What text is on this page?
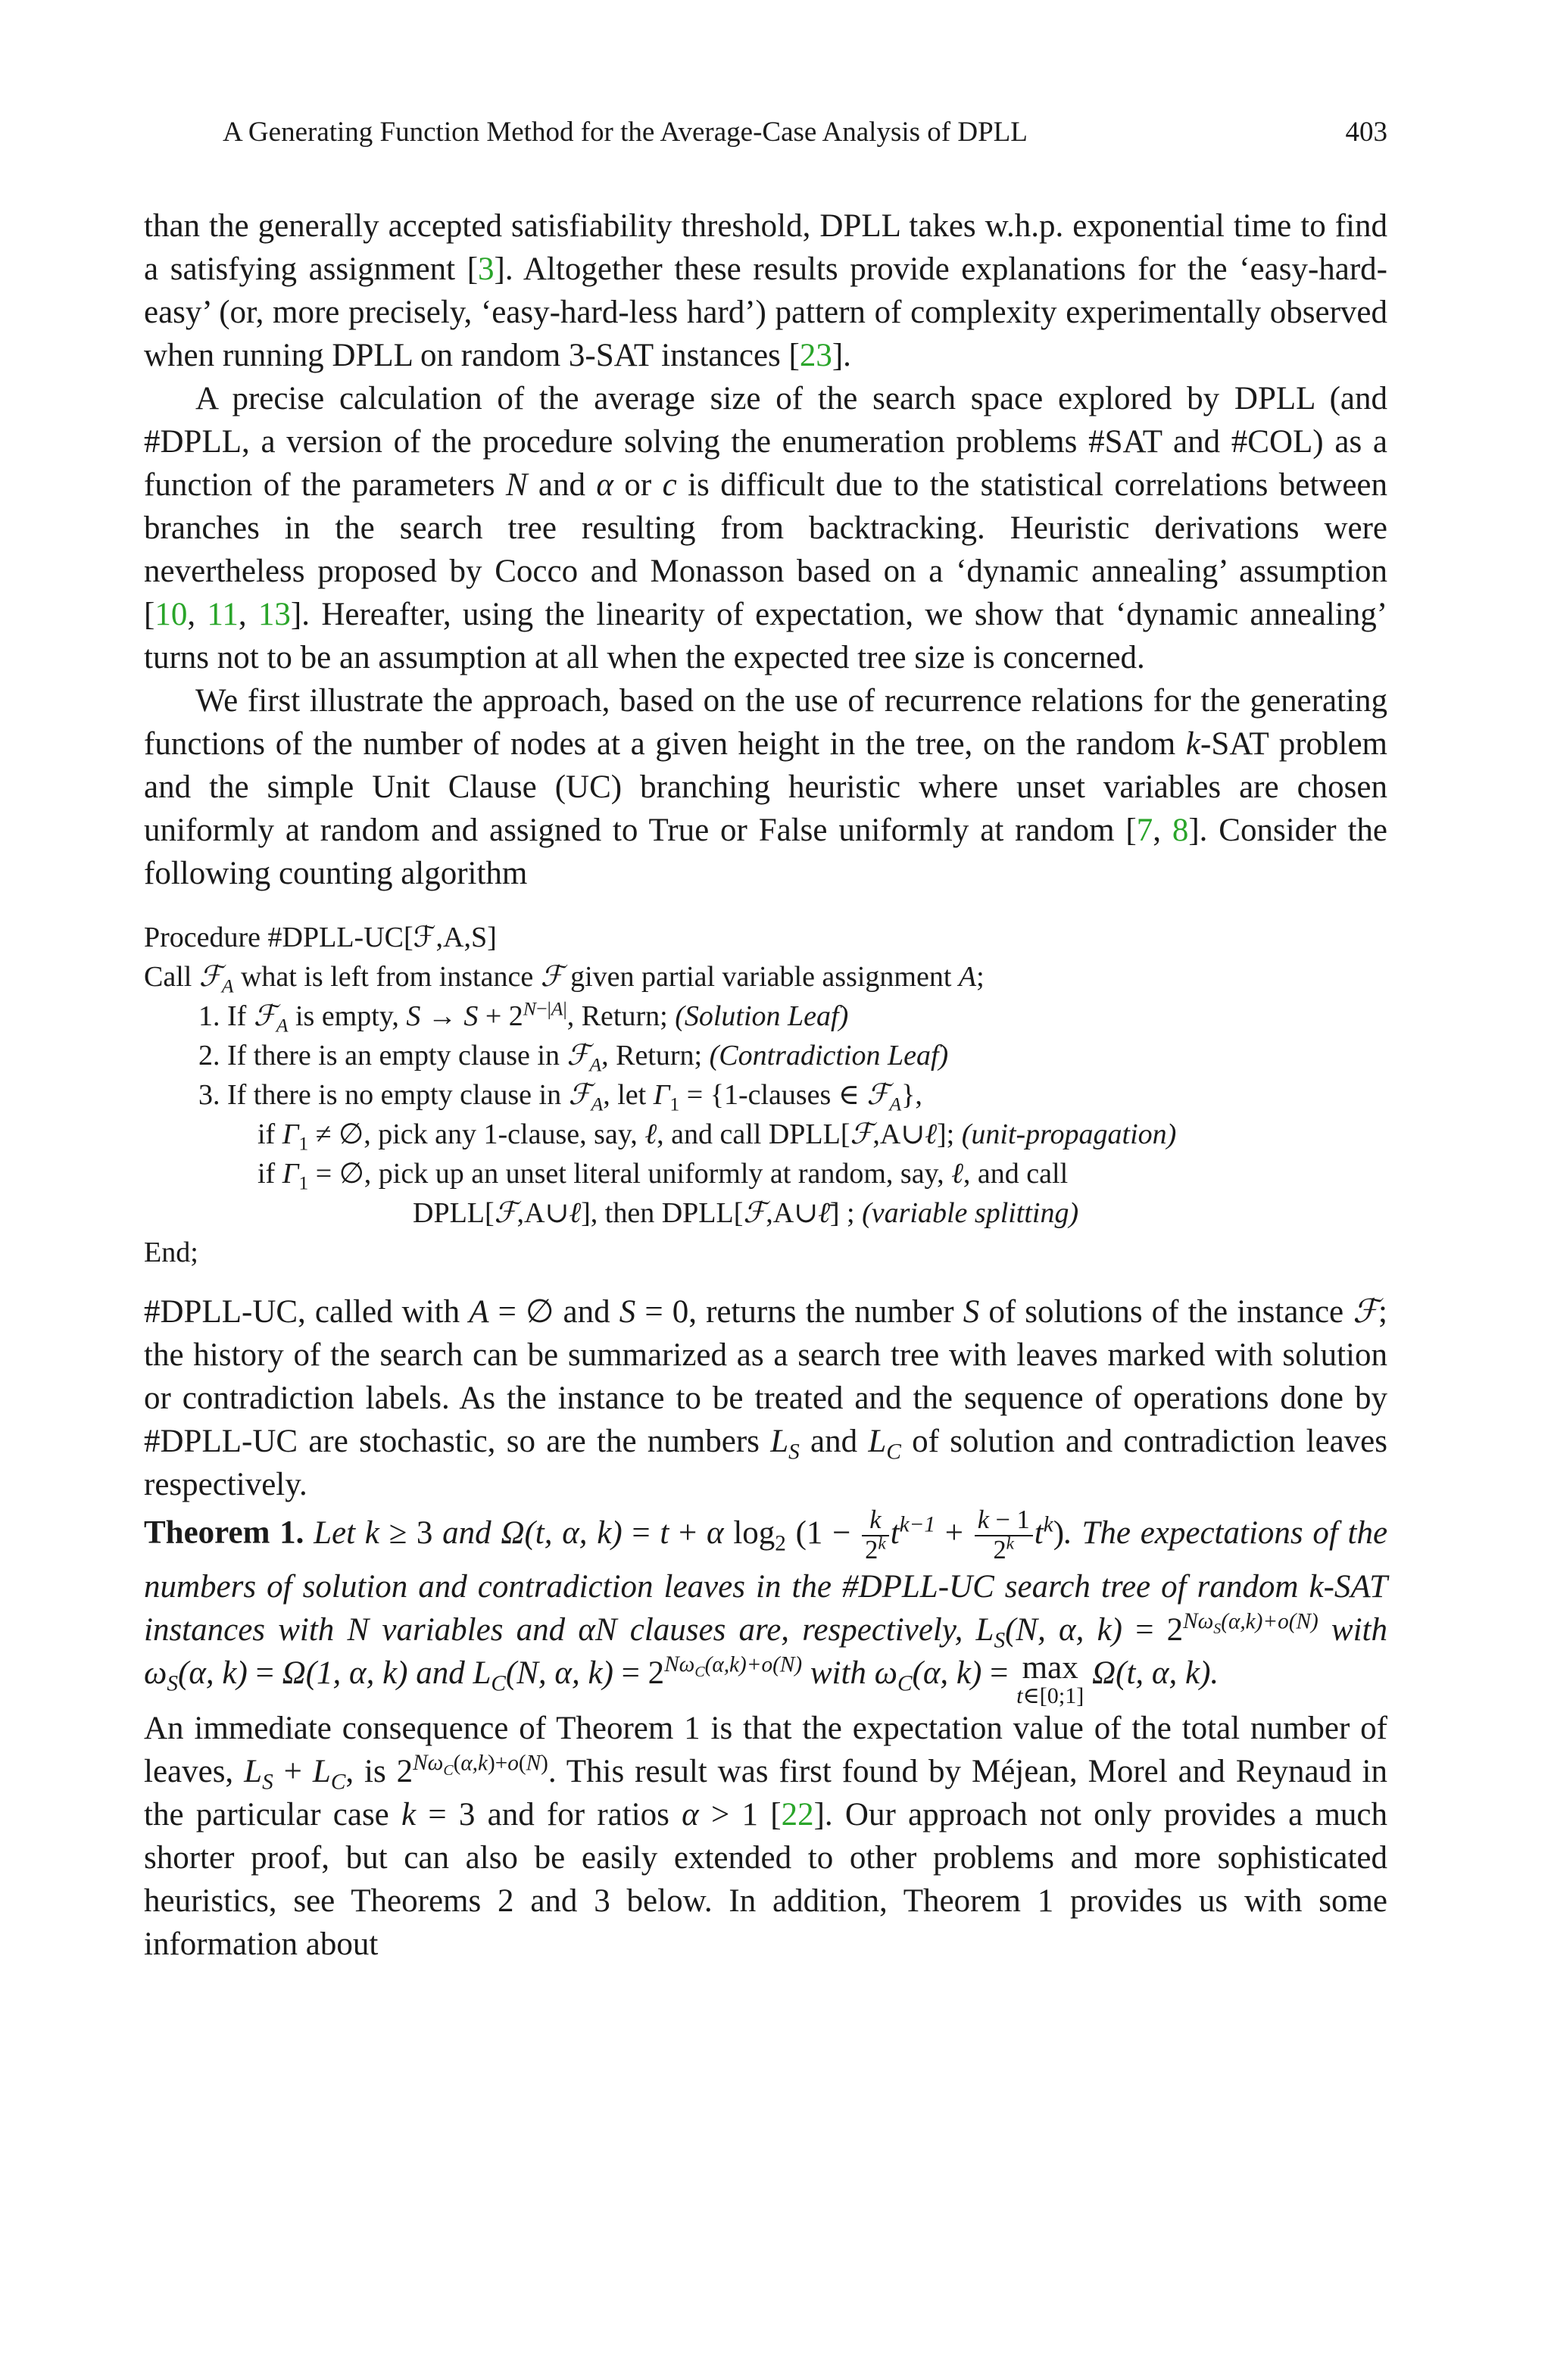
A Generating Function Method for the Average-Case Analysis of DPLL	403

than the generally accepted satisfiability threshold, DPLL takes w.h.p. exponential time to find a satisfying assignment [3]. Altogether these results provide explanations for the ‘easy-hard-easy’ (or, more precisely, ‘easy-hard-less hard’) pattern of complexity experimentally observed when running DPLL on random 3-SAT instances [23].

A precise calculation of the average size of the search space explored by DPLL (and #DPLL, a version of the procedure solving the enumeration problems #SAT and #COL) as a function of the parameters N and α or c is difficult due to the statistical correlations between branches in the search tree resulting from backtracking. Heuristic derivations were nevertheless proposed by Cocco and Monasson based on a ‘dynamic annealing’ assumption [10, 11, 13]. Hereafter, using the linearity of expectation, we show that ‘dynamic annealing’ turns not to be an assumption at all when the expected tree size is concerned.

We first illustrate the approach, based on the use of recurrence relations for the generating functions of the number of nodes at a given height in the tree, on the random k-SAT problem and the simple Unit Clause (UC) branching heuristic where unset variables are chosen uniformly at random and assigned to True or False uniformly at random [7, 8]. Consider the following counting algorithm

Procedure #DPLL-UC[ℱ,A,S]
Call ℱ$_A$ what is left from instance ℱ given partial variable assignment A;
1. If ℱ$_A$ is empty, $S \to S + 2^{N-|A|}$, Return; (Solution Leaf)
2. If there is an empty clause in ℱ$_A$, Return; (Contradiction Leaf)
3. If there is no empty clause in ℱ$_A$, let $\Gamma_1$ = {1-clauses ∈ ℱ$_A$},
if $\Gamma_1$ ≠ ∅, pick any 1-clause, say, ℓ, and call DPLL[ℱ,A∪ℓ]; (unit-propagation)
if $\Gamma_1$ = ∅, pick up an unset literal uniformly at random, say, ℓ, and call
DPLL[ℱ,A∪ℓ], then DPLL[ℱ,A∪ℓ̄] ; (variable splitting)
End;

#DPLL-UC, called with A = ∅ and S = 0, returns the number S of solutions of the instance ℱ; the history of the search can be summarized as a search tree with leaves marked with solution or contradiction labels. As the instance to be treated and the sequence of operations done by #DPLL-UC are stochastic, so are the numbers $L_S$ and $L_C$ of solution and contradiction leaves respectively.

Theorem 1. Let k ≥ 3 and Ω(t, α, k) = t + α $\log_2 (1 - \frac{k}{2^k} t^{k-1} + \frac{k - 1}{2^k} t^k)$. The expectations of the numbers of solution and contradiction leaves in the #DPLL-UC search tree of random k-SAT instances with N variables and αN clauses are, respectively, $L_S(N$, α, $k) = 2^{N\omega_S(\alpha,k)+o(N)}$ with $\omega_S(\alpha$, k) = Ω(1, α, k) and $L_C(N$, α, $k) = 2^{N\omega_C(\alpha,k)+o(N)}$ with $\omega_C(\alpha$, k) = max
t∈[0;1]
Ω(t, α, k).

An immediate consequence of Theorem 1 is that the expectation value of the total number of leaves, $L_S + L_C$, is $2^{N\omega_C(\alpha,k)+o(N)}$. This result was first found by Méjean, Morel and Reynaud in the particular case k = 3 and for ratios α > 1 [22]. Our approach not only provides a much shorter proof, but can also be easily extended to other problems and more sophisticated heuristics, see Theorems 2 and 3 below. In addition, Theorem 1 provides us with some information about
